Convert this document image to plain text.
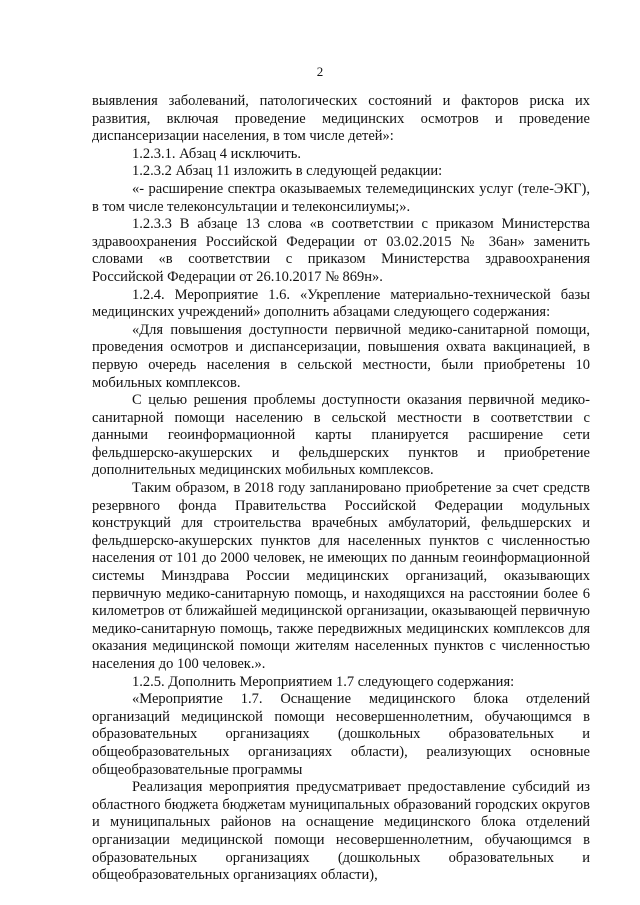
2

выявления заболеваний, патологических состояний и факторов риска их развития, включая проведение медицинских осмотров и проведение диспансеризации населения, в том числе детей»:

1.2.3.1. Абзац 4 исключить.

1.2.3.2 Абзац 11 изложить в следующей редакции:

«- расширение спектра оказываемых телемедицинских услуг (теле-ЭКГ), в том числе телеконсультации и телеконсилиумы;».

1.2.3.3 В абзаце 13 слова «в соответствии с приказом Министерства здравоохранения Российской Федерации от 03.02.2015 № 36ан» заменить словами «в соответствии с приказом Министерства здравоохранения Российской Федерации от 26.10.2017 № 869н».

1.2.4. Мероприятие 1.6. «Укрепление материально-технической базы медицинских учреждений» дополнить абзацами следующего содержания:

«Для повышения доступности первичной медико-санитарной помощи, проведения осмотров и диспансеризации, повышения охвата вакцинацией, в первую очередь населения в сельской местности, были приобретены 10 мобильных комплексов.

С целью решения проблемы доступности оказания первичной медико-санитарной помощи населению в сельской местности в соответствии с данными геоинформационной карты планируется расширение сети фельдшерско-акушерских и фельдшерских пунктов и приобретение дополнительных медицинских мобильных комплексов.

Таким образом, в 2018 году запланировано приобретение за счет средств резервного фонда Правительства Российской Федерации модульных конструкций для строительства врачебных амбулаторий, фельдшерских и фельдшерско-акушерских пунктов для населенных пунктов с численностью населения от 101 до 2000 человек, не имеющих по данным геоинформационной системы Минздрава России медицинских организаций, оказывающих первичную медико-санитарную помощь, и находящихся на расстоянии более 6 километров от ближайшей медицинской организации, оказывающей первичную медико-санитарную помощь, также передвижных медицинских комплексов для оказания медицинской помощи жителям населенных пунктов с численностью населения до 100 человек.».

1.2.5. Дополнить Мероприятием 1.7 следующего содержания:

«Мероприятие 1.7. Оснащение медицинского блока отделений организаций медицинской помощи несовершеннолетним, обучающимся в образовательных организациях (дошкольных образовательных и общеобразовательных организациях области), реализующих основные общеобразовательные программы

Реализация мероприятия предусматривает предоставление субсидий из областного бюджета бюджетам муниципальных образований городских округов и муниципальных районов на оснащение медицинского блока отделений организации медицинской помощи несовершеннолетним, обучающимся в образовательных организациях (дошкольных образовательных и общеобразовательных организациях области),
